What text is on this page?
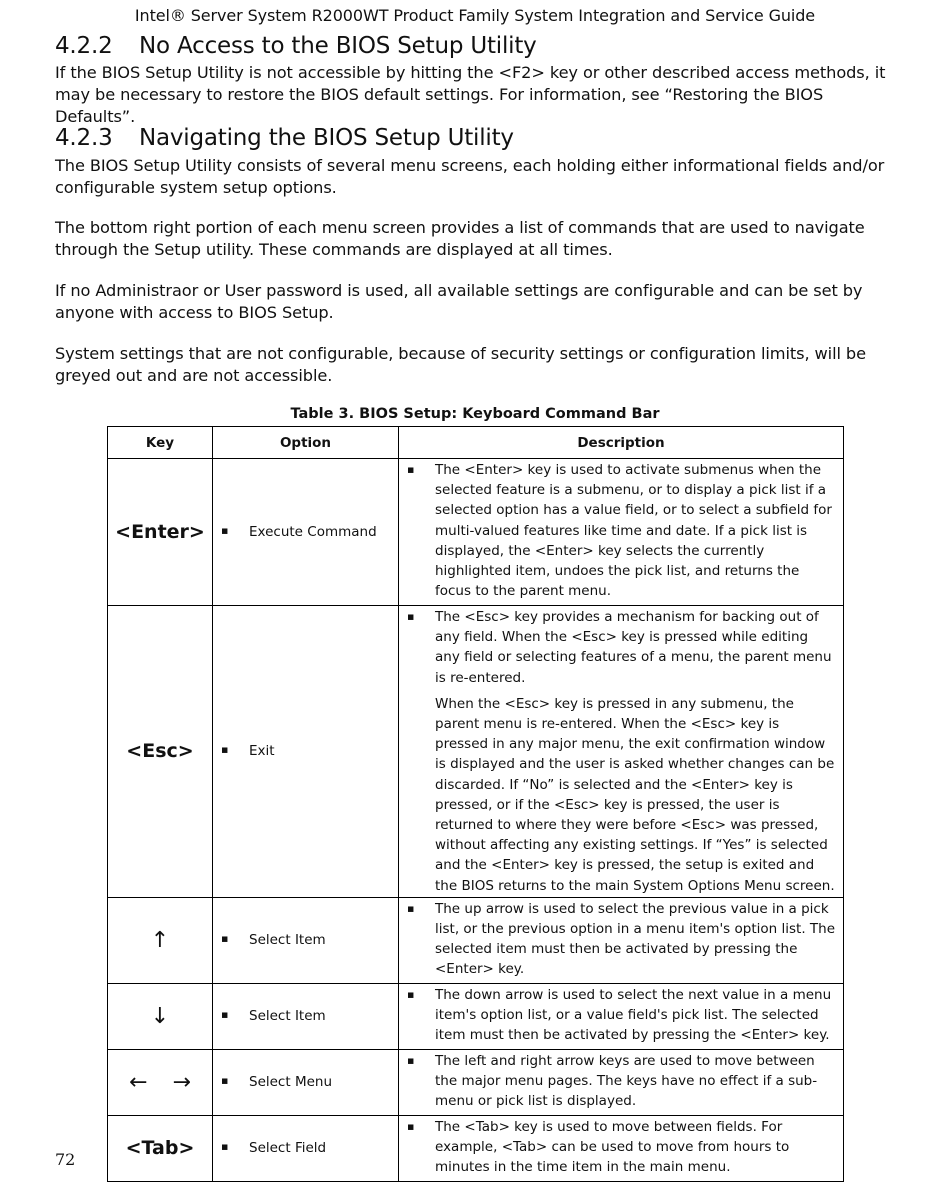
Intel® Server System R2000WT Product Family System Integration and Service Guide
4.2.2 No Access to the BIOS Setup Utility

If the BIOS Setup Utility is not accessible by hitting the <F2> key or other described access methods, it may be necessary to restore the BIOS default settings. For information, see “Restoring the BIOS Defaults”.

4.2.3 Navigating the BIOS Setup Utility

The BIOS Setup Utility consists of several menu screens, each holding either informational fields and/or configurable system setup options.

The bottom right portion of each menu screen provides a list of commands that are used to navigate through the Setup utility. These commands are displayed at all times.

If no Administraor or User password is used, all available settings are configurable and can be set by anyone with access to BIOS Setup.

System settings that are not configurable, because of security settings or configuration limits, will be greyed out and are not accessible.

Table 3. BIOS Setup: Keyboard Command Bar
Key	Option	Description
<Enter>	▪ Execute Command	▪ The <Enter> key is used to activate submenus when the selected feature is a submenu, or to display a pick list if a selected option has a value field, or to select a subfield for multi-valued features like time and date. If a pick list is displayed, the <Enter> key selects the currently highlighted item, undoes the pick list, and returns the focus to the parent menu.

<Esc>	▪ Exit	▪ The <Esc> key provides a mechanism for backing out of any field. When the <Esc> key is pressed while editing any field or selecting features of a menu, the parent menu is re-entered.
When the <Esc> key is pressed in any submenu, the parent menu is re-entered. When the <Esc> key is pressed in any major menu, the exit confirmation window is displayed and the user is asked whether changes can be discarded. If “No” is selected and the <Enter> key is pressed, or if the <Esc> key is pressed, the user is returned to where they were before <Esc> was pressed, without affecting any existing settings. If “Yes” is selected and the <Enter> key is pressed, the setup is exited and the BIOS returns to the main System Options Menu screen.

↑	▪ Select Item	▪ The up arrow is used to select the previous value in a pick list, or the previous option in a menu item's option list. The selected item must then be activated by pressing the <Enter> key.

↓	▪ Select Item	▪ The down arrow is used to select the next value in a menu item's option list, or a value field's pick list. The selected item must then be activated by pressing the <Enter> key.

← →	▪ Select Menu	▪ The left and right arrow keys are used to move between the major menu pages. The keys have no effect if a sub-menu or pick list is displayed.

<Tab>	▪ Select Field	▪ The <Tab> key is used to move between fields. For example, <Tab> can be used to move from hours to minutes in the time item in the main menu.
72
